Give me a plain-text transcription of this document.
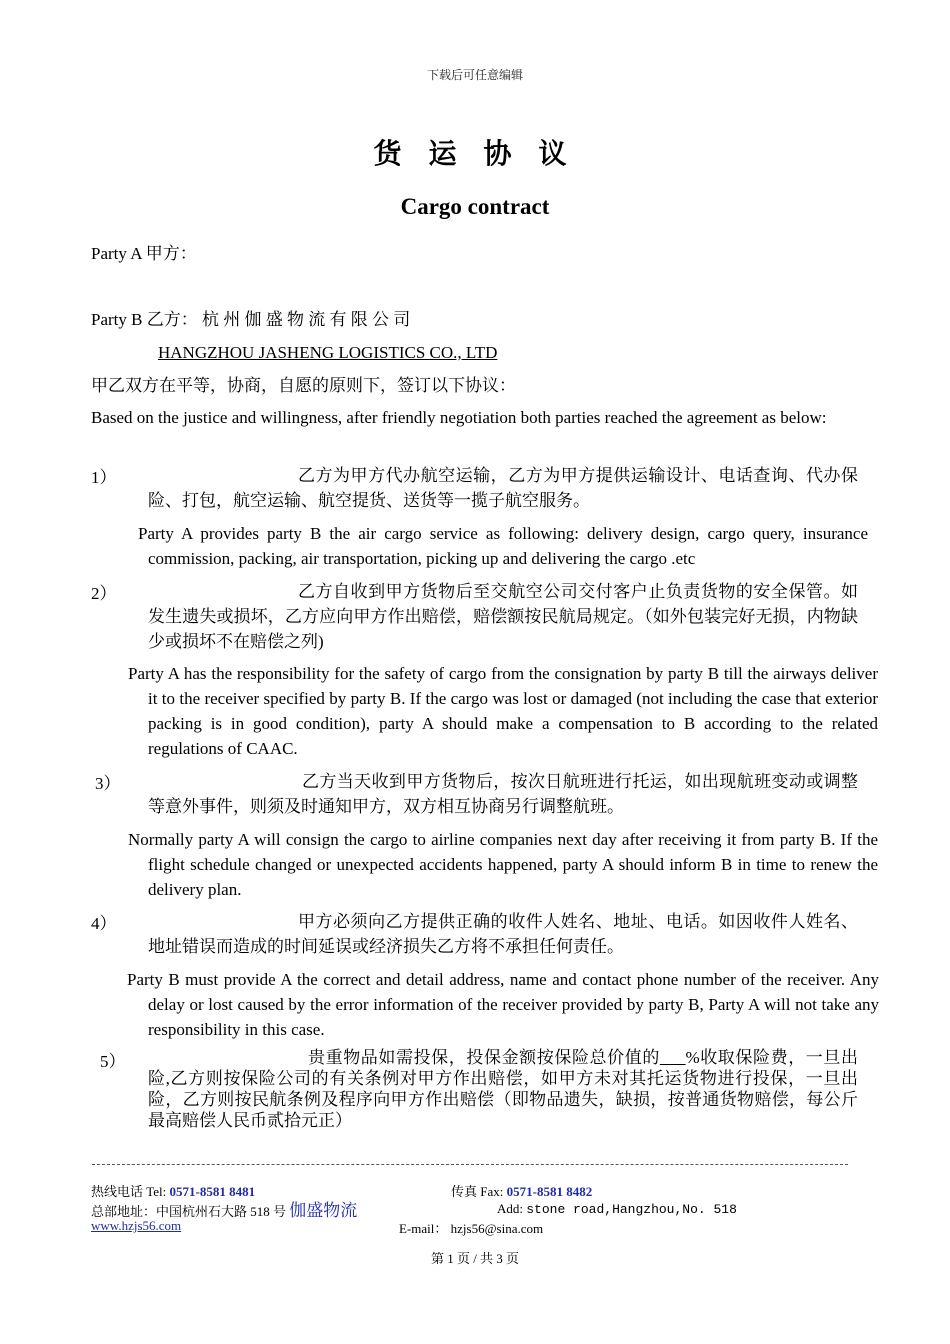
下载后可任意编辑
货 运 协 议
Cargo contract
Party A 甲方：
Party B 乙方： 杭 州 伽 盛 物 流 有 限 公 司
HANGZHOU JASHENG LOGISTICS CO., LTD
甲乙双方在平等，协商，自愿的原则下，签订以下协议：
Based on the justice and willingness, after friendly negotiation both parties reached the agreement as below:
1）	乙方为甲方代办航空运输，乙方为甲方提供运输设计、电话查询、代办保险、打包，航空运输、航空提货、送货等一揽子航空服务。
Party A provides party B the air cargo service as following: delivery design, cargo query, insurance commission, packing, air transportation, picking up and delivering the cargo .etc
2）	乙方自收到甲方货物后至交航空公司交付客户止负责货物的安全保管。如发生遗失或损坏，乙方应向甲方作出赔偿，赔偿额按民航局规定。（如外包装完好无损，内物缺少或损坏不在赔偿之列)
Party A has the responsibility for the safety of cargo from the consignation by party B till the airways deliver it to the receiver specified by party B. If the cargo was lost or damaged (not including the case that exterior packing is in good condition), party A should make a compensation to B according to the related regulations of CAAC.
3）	乙方当天收到甲方货物后，按次日航班进行托运，如出现航班变动或调整等意外事件，则须及时通知甲方，双方相互协商另行调整航班。
Normally party A will consign the cargo to airline companies next day after receiving it from party B. If the flight schedule changed or unexpected accidents happened, party A should inform B in time to renew the delivery plan.
4）	甲方必须向乙方提供正确的收件人姓名、地址、电话。如因收件人姓名、地址错误而造成的时间延误或经济损失乙方将不承担任何责任。
Party B must provide A the correct and detail address, name and contact phone number of the receiver. Any delay or lost caused by the error information of the receiver provided by party B, Party A will not take any responsibility in this case.
5）	贵重物品如需投保，投保金额按保险总价值的___%收取保险费，一旦出险,乙方则按保险公司的有关条例对甲方作出赔偿，如甲方未对其托运货物进行投保，一旦出险，乙方则按民航条例及程序向甲方作出赔偿（即物品遗失，缺损，按普通货物赔偿，每公斤最高赔偿人民币贰拾元正）
热线电话 Tel: 0571-8581 8481	传真 Fax: 0571-8581 8482
总部地址：中国杭州石大路 518 号 伽盛物流	Add: stone road,Hangzhou,No. 518
www.hzjs56.com	E-mail： hzjs56@sina.com
第 1 页 / 共 3 页
